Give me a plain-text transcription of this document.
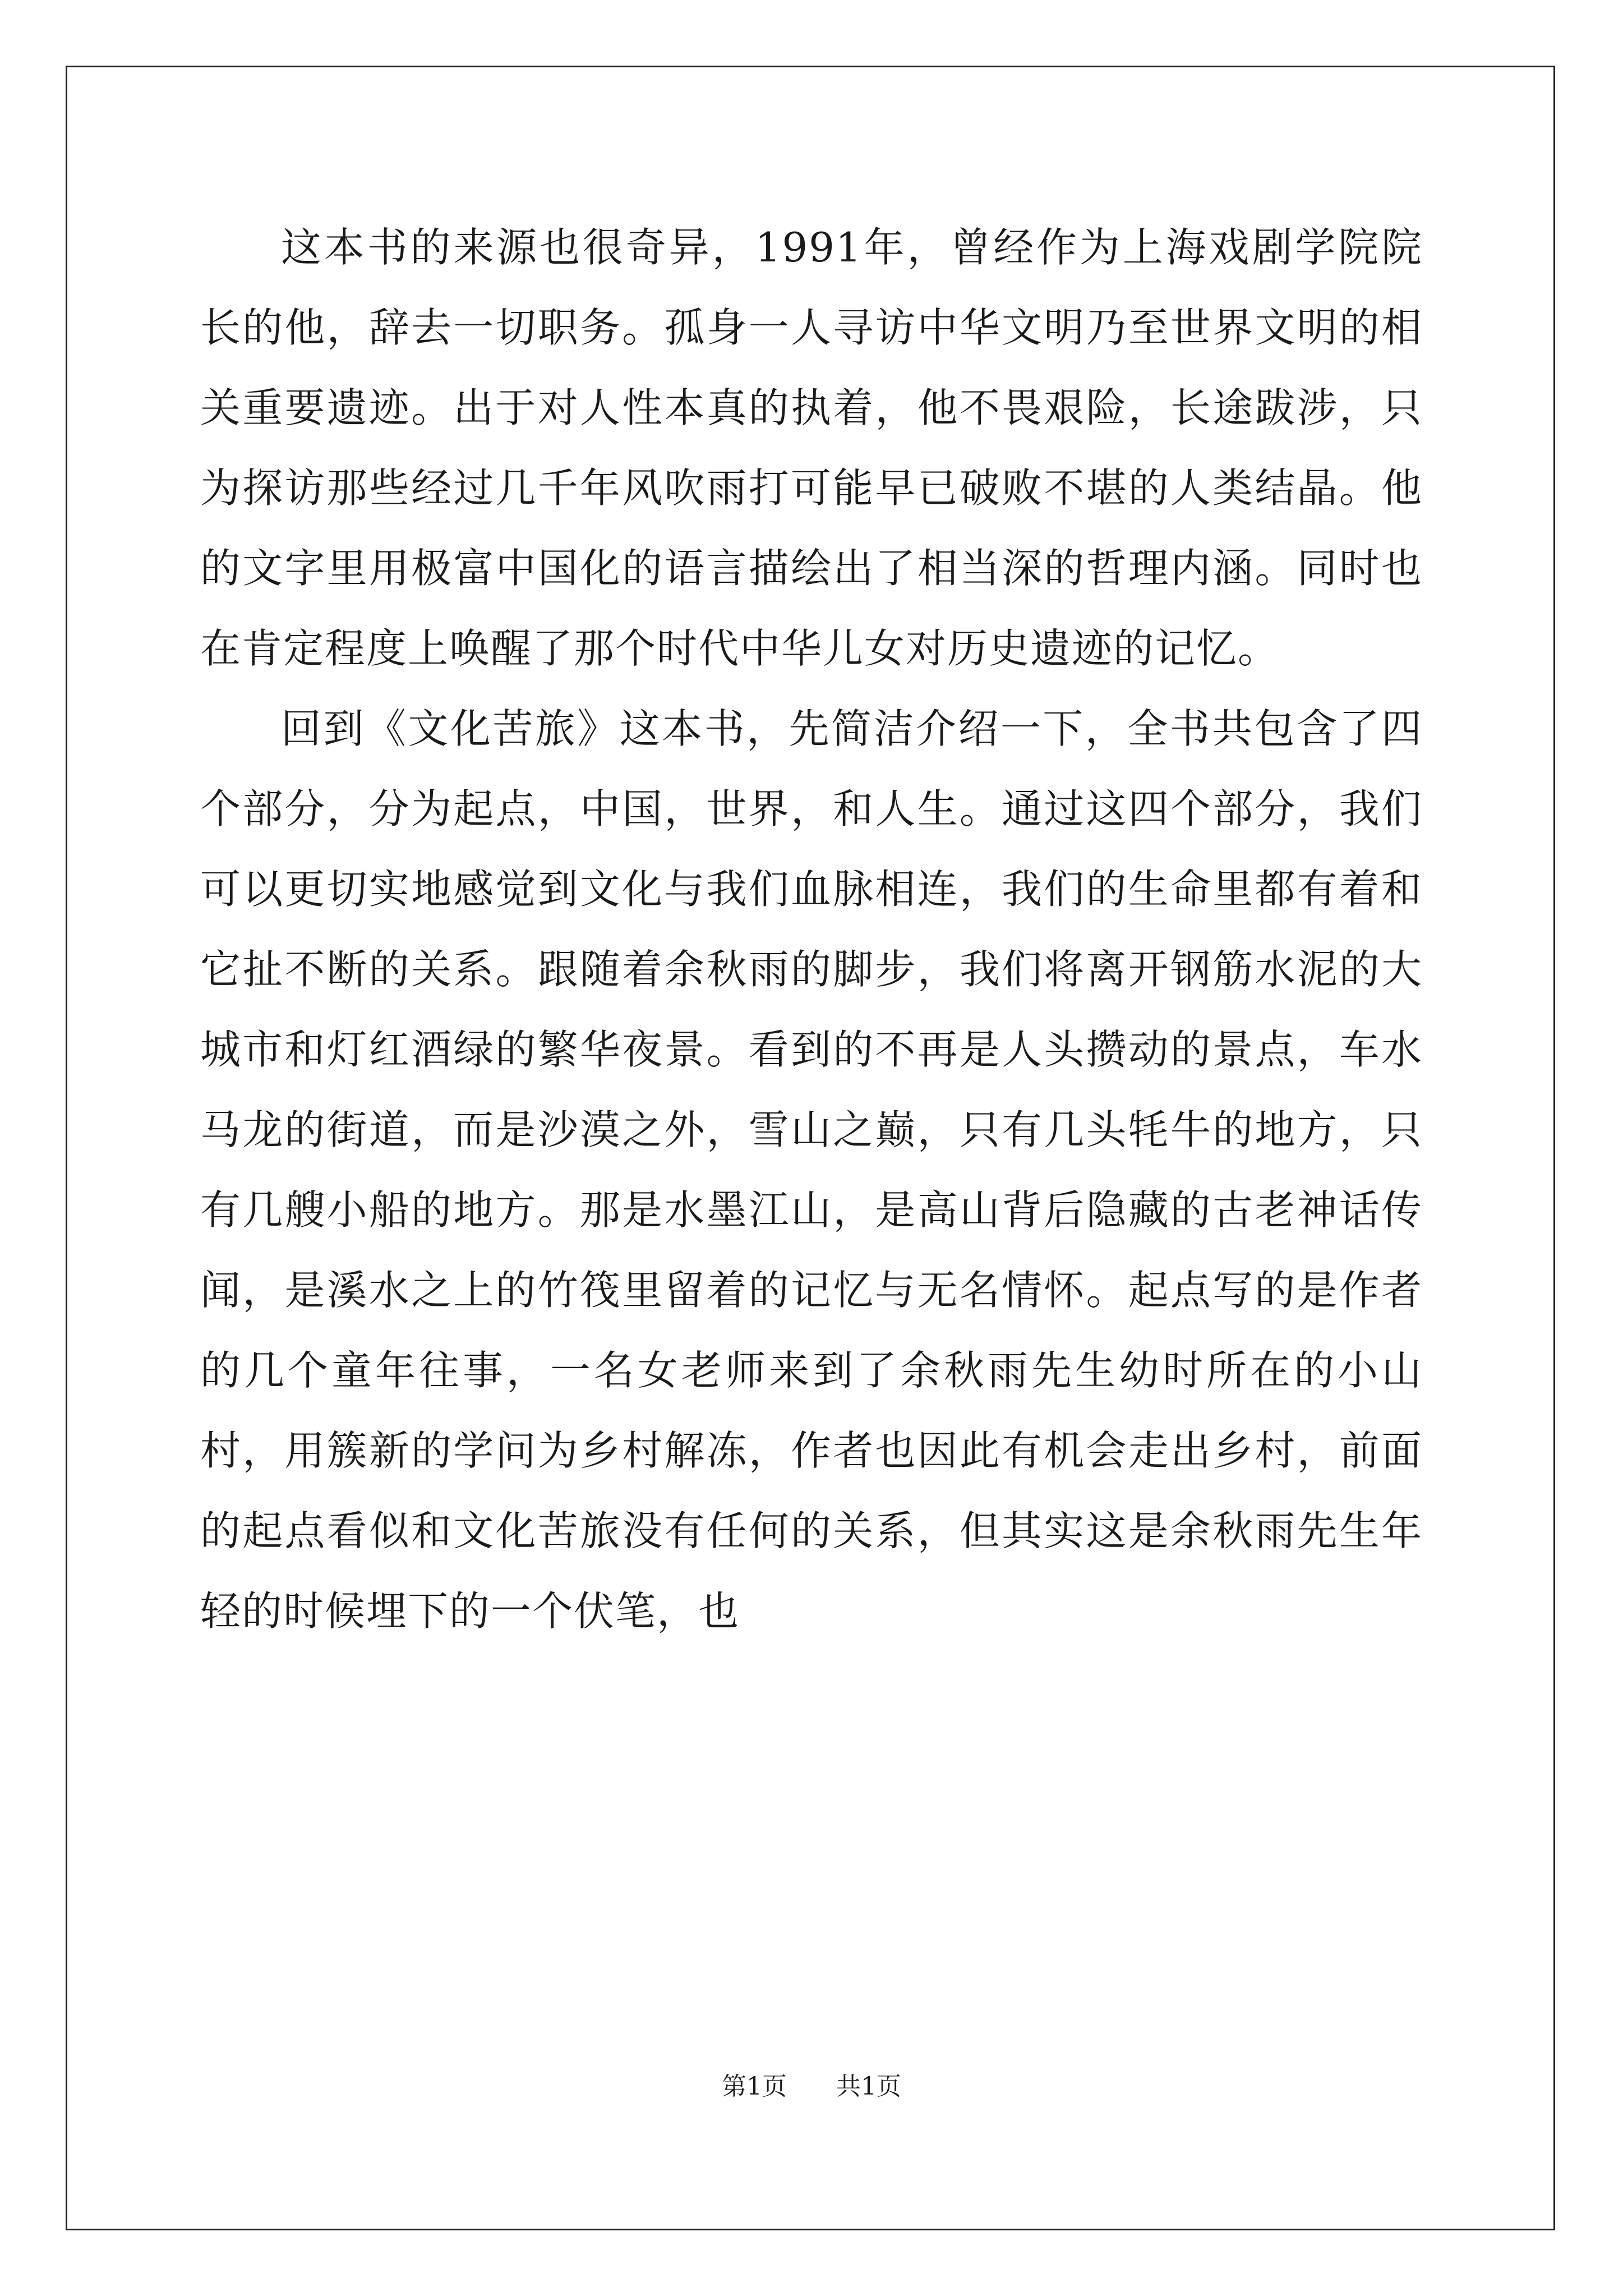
这本书的来源也很奇异，1991年，曾经作为上海戏剧学院院长的他，辞去一切职务。孤身一人寻访中华文明乃至世界文明的相关重要遗迹。出于对人性本真的执着，他不畏艰险，长途跋涉，只为探访那些经过几千年风吹雨打可能早已破败不堪的人类结晶。他的文字里用极富中国化的语言描绘出了相当深的哲理内涵。同时也在肯定程度上唤醒了那个时代中华儿女对历史遗迹的记忆。

回到《文化苦旅》这本书，先简洁介绍一下，全书共包含了四个部分，分为起点，中国，世界，和人生。通过这四个部分，我们可以更切实地感觉到文化与我们血脉相连，我们的生命里都有着和它扯不断的关系。跟随着余秋雨的脚步，我们将离开钢筋水泥的大城市和灯红酒绿的繁华夜景。看到的不再是人头攒动的景点，车水马龙的街道，而是沙漠之外，雪山之巅，只有几头牦牛的地方，只有几艘小船的地方。那是水墨江山，是高山背后隐藏的古老神话传闻，是溪水之上的竹筏里留着的记忆与无名情怀。起点写的是作者的几个童年往事，一名女老师来到了余秋雨先生幼时所在的小山村，用簇新的学问为乡村解冻，作者也因此有机会走出乡村，前面的起点看似和文化苦旅没有任何的关系，但其实这是余秋雨先生年轻的时候埋下的一个伏笔，也

第1页 共1页
